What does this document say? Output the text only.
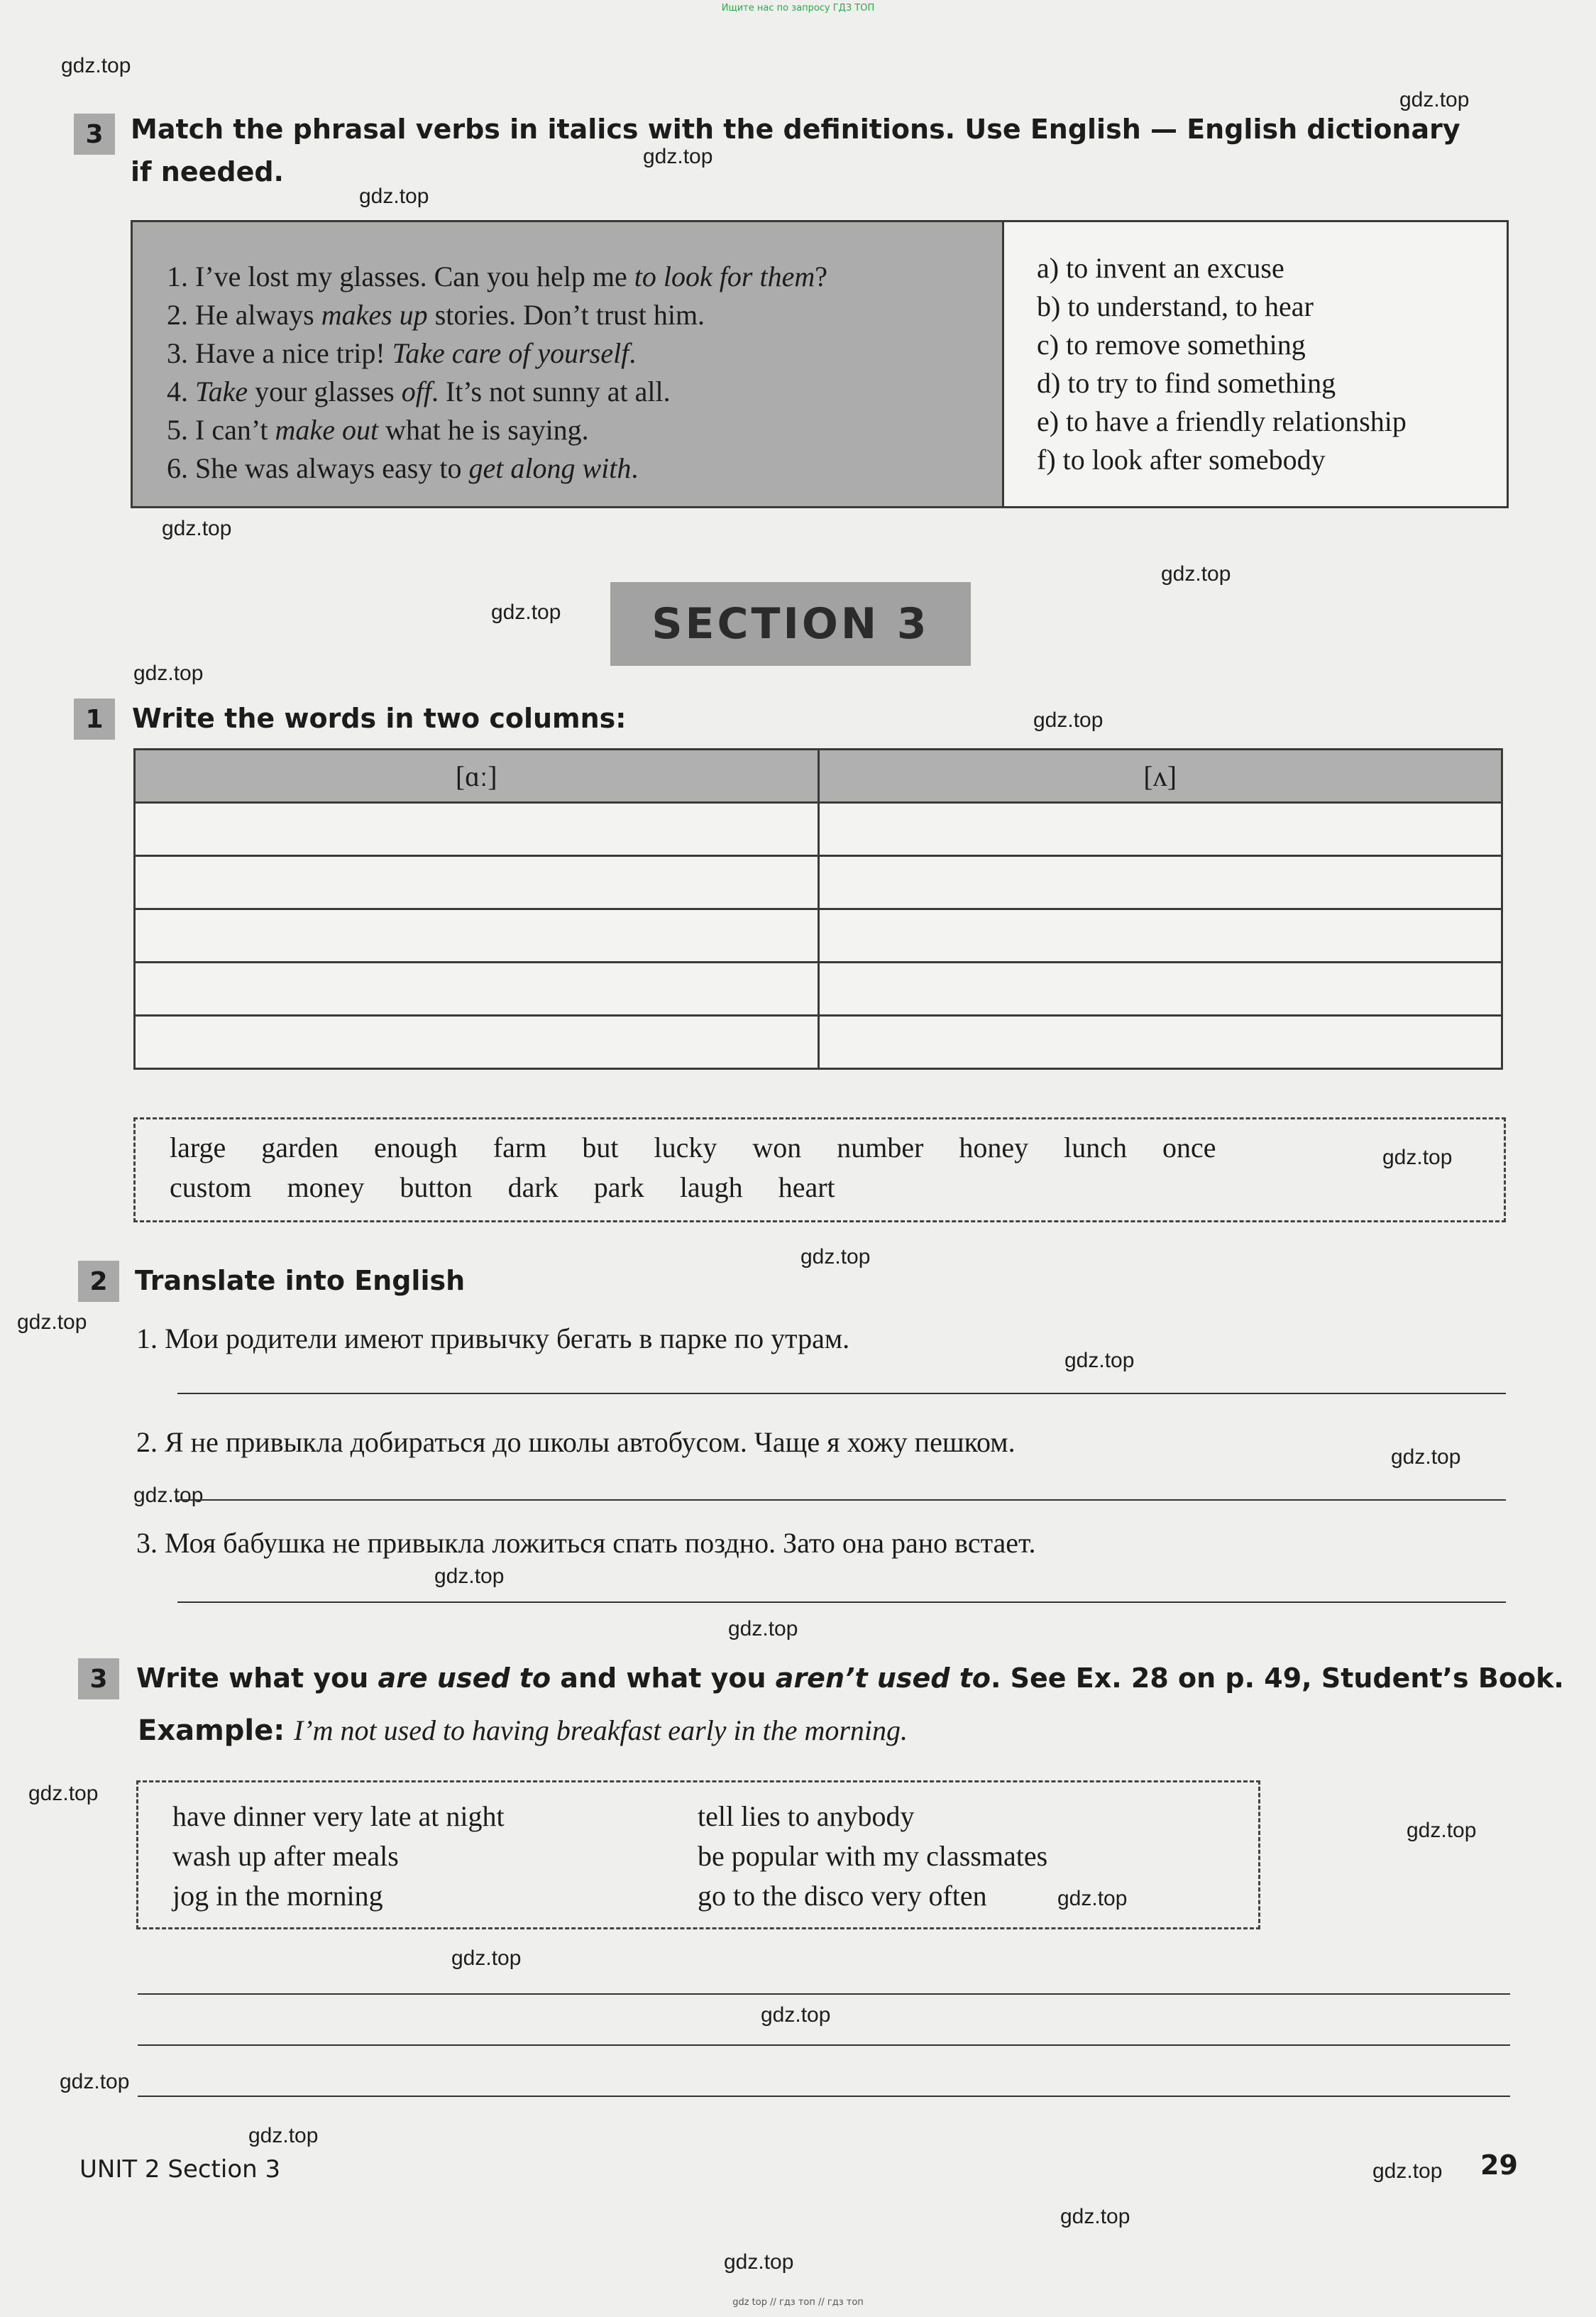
Ищите нас по запросу ГДЗ ТОП
gdz top // гдз топ // гдз топ
gdz.top
gdz.top
gdz.top
gdz.top
gdz.top
gdz.top
gdz.top
gdz.top
gdz.top
gdz.top
gdz.top
gdz.top
gdz.top
gdz.top
gdz.top
gdz.top
gdz.top
gdz.top
gdz.top
gdz.top
gdz.top
gdz.top
gdz.top
gdz.top
gdz.top
gdz.top
gdz.top
3	Match the phrasal verbs in italics with the definitions. Use English — English dictionary
if needed.
1. I’ve lost my glasses. Can you help me to look for them?
2. He always makes up stories. Don’t trust him.
3. Have a nice trip! Take care of yourself.
4. Take your glasses off. It’s not sunny at all.
5. I can’t make out what he is saying.
6. She was always easy to get along with.
a) to invent an excuse
b) to understand, to hear
c) to remove something
d) to try to find something
e) to have a friendly relationship
f) to look after somebody
SECTION 3
1	Write the words in two columns:
[ɑː]	[ʌ]

large garden enough farm but lucky won number honey lunch once
custom money button dark park laugh heart
2	Translate into English
1. Мои родители имеют привычку бегать в парке по утрам.
2. Я не привыкла добираться до школы автобусом. Чаще я хожу пешком.
3. Моя бабушка не привыкла ложиться спать поздно. Зато она рано встает.
3	Write what you are used to and what you aren’t used to. See Ex. 28 on p. 49, Student’s Book.
Example: I’m not used to having breakfast early in the morning.
have dinner very late at night
wash up after meals
jog in the morning
tell lies to anybody
be popular with my classmates
go to the disco very often
UNIT 2 Section 3	29
